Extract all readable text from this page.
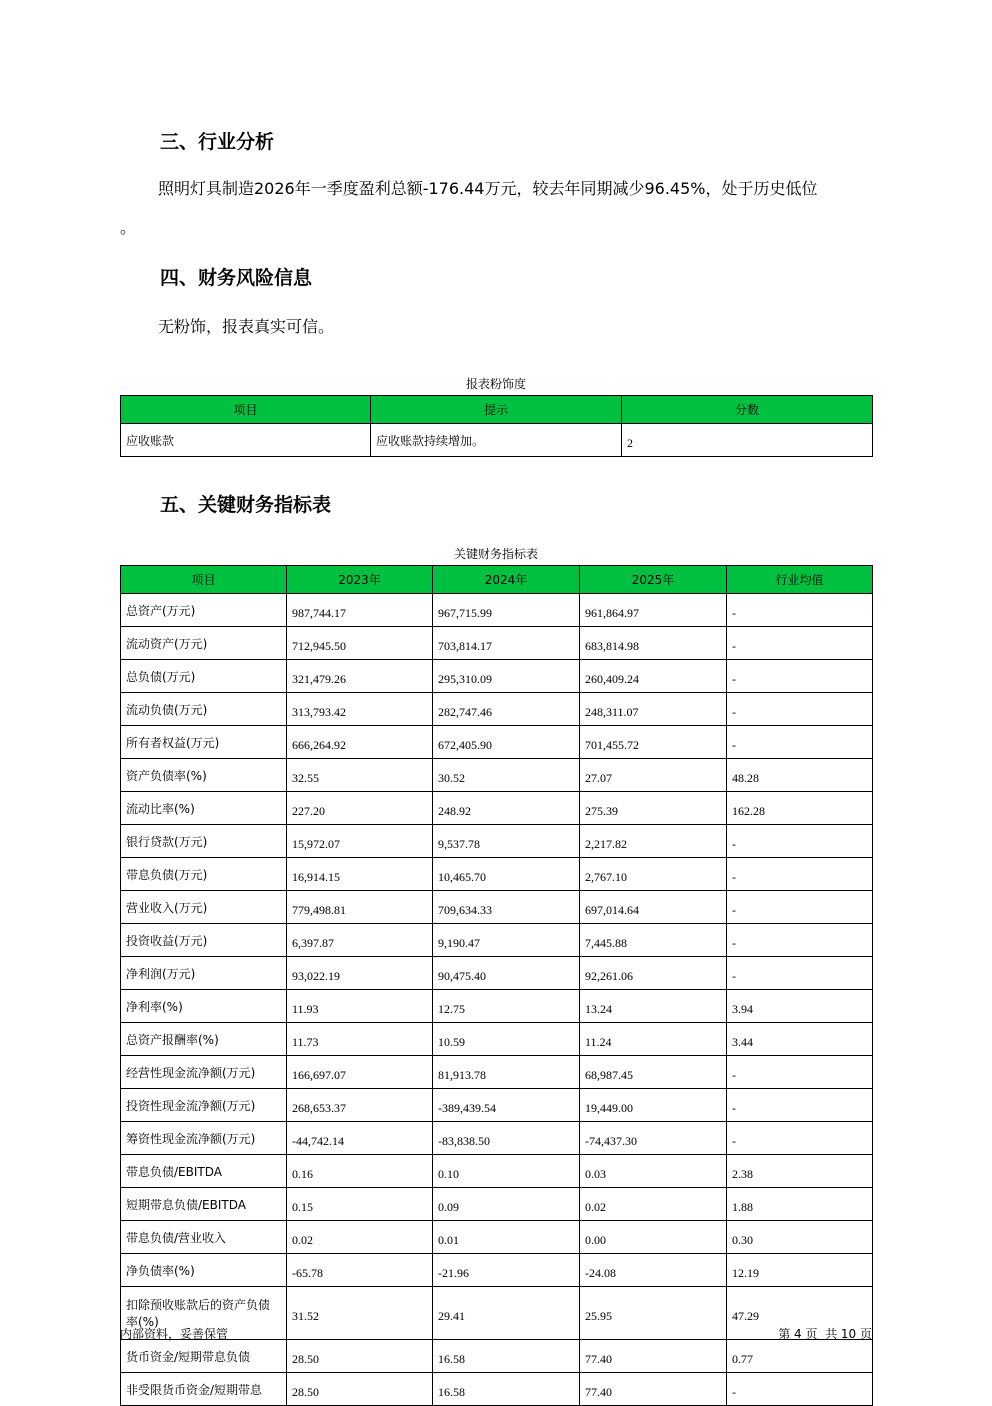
三、行业分析

照明灯具制造2026年一季度盈利总额-176.44万元，较去年同期减少96.45%，处于历史低位

。

四、财务风险信息

无粉饰，报表真实可信。

报表粉饰度
项目	提示	分数
应收账款	应收账款持续增加。	2
五、关键财务指标表
关键财务指标表
项目	2023年	2024年	2025年	行业均值
总资产(万元)	987,744.17	967,715.99	961,864.97	-
流动资产(万元)	712,945.50	703,814.17	683,814.98	-
总负债(万元)	321,479.26	295,310.09	260,409.24	-
流动负债(万元)	313,793.42	282,747.46	248,311.07	-
所有者权益(万元)	666,264.92	672,405.90	701,455.72	-
资产负债率(%)	32.55	30.52	27.07	48.28
流动比率(%)	227.20	248.92	275.39	162.28
银行贷款(万元)	15,972.07	9,537.78	2,217.82	-
带息负债(万元)	16,914.15	10,465.70	2,767.10	-
营业收入(万元)	779,498.81	709,634.33	697,014.64	-
投资收益(万元)	6,397.87	9,190.47	7,445.88	-
净利润(万元)	93,022.19	90,475.40	92,261.06	-
净利率(%)	11.93	12.75	13.24	3.94
总资产报酬率(%)	11.73	10.59	11.24	3.44
经营性现金流净额(万元)	166,697.07	81,913.78	68,987.45	-
投资性现金流净额(万元)	268,653.37	-389,439.54	19,449.00	-
筹资性现金流净额(万元)	-44,742.14	-83,838.50	-74,437.30	-
带息负债/EBITDA	0.16	0.10	0.03	2.38
短期带息负债/EBITDA	0.15	0.09	0.02	1.88
带息负债/营业收入	0.02	0.01	0.00	0.30
净负债率(%)	-65.78	-21.96	-24.08	12.19
扣除预收账款后的资产负债率(%)	31.52	29.41	25.95	47.29
货币资金/短期带息负债	28.50	16.58	77.40	0.77
非受限货币资金/短期带息	28.50	16.58	77.40	-
内部资料，妥善保管	第 4 页  共 10 页
